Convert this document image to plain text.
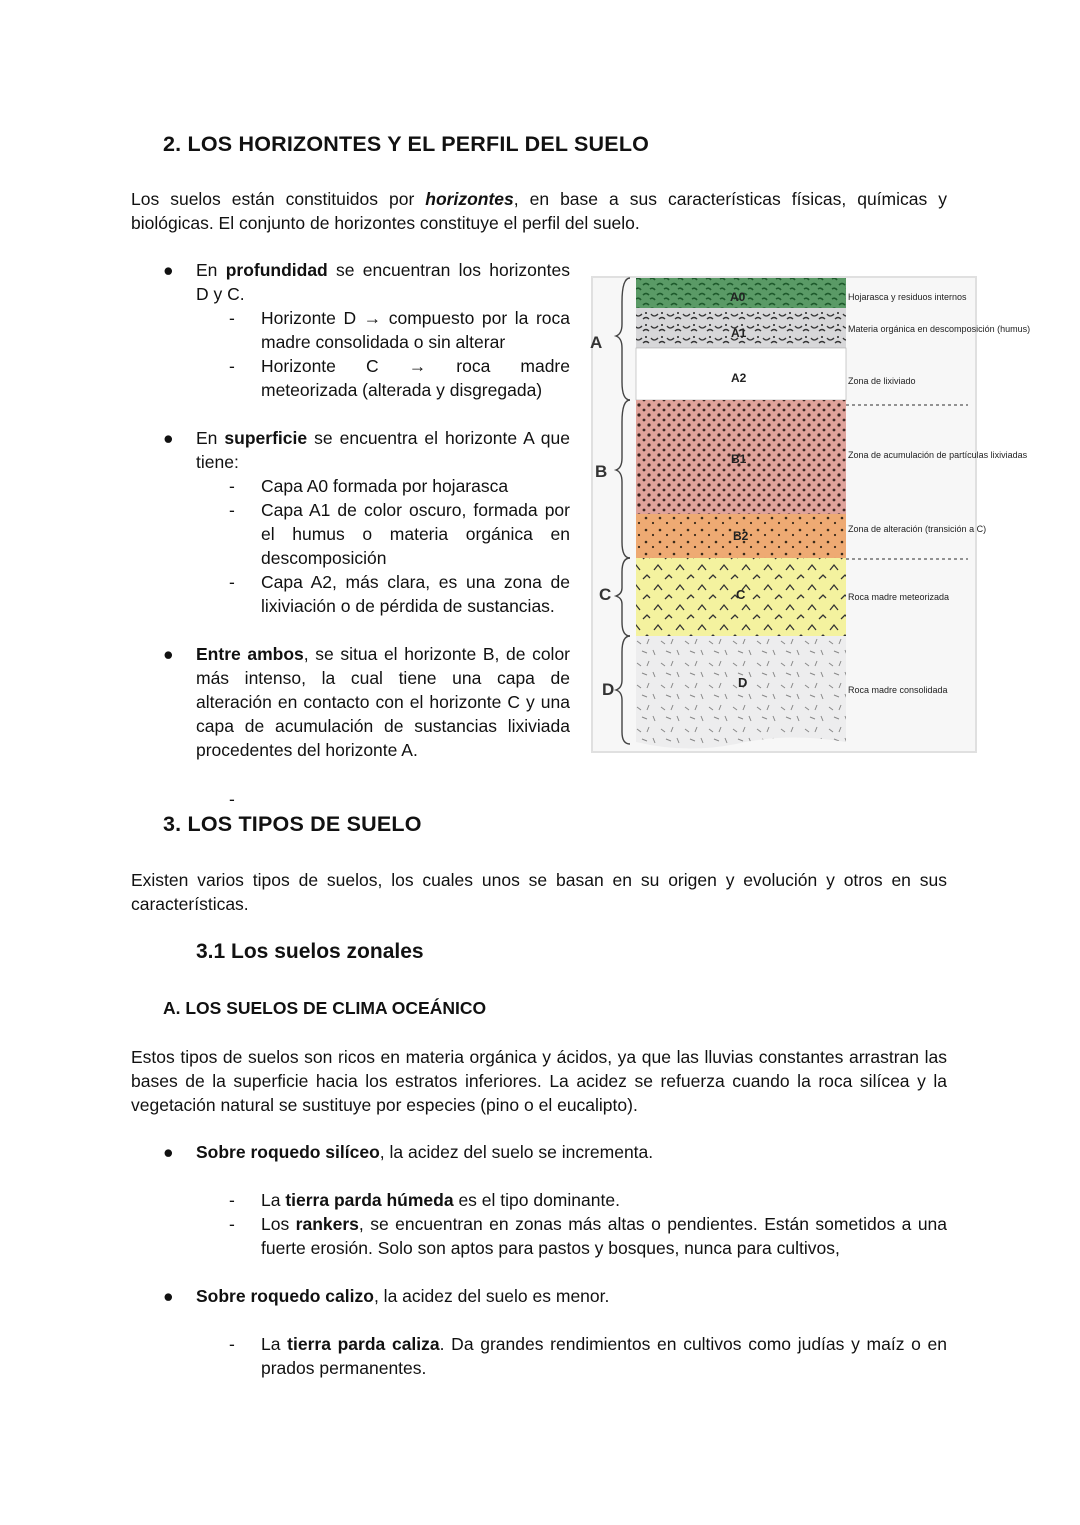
2. LOS HORIZONTES Y EL PERFIL DEL SUELO

Los suelos están constituidos por horizontes, en base a sus características físicas, químicas y biológicas. El conjunto de horizontes constituye el perfil del suelo.

●	En profundidad se encuentran los horizontes D y C.
-	Horizonte D → compuesto por la roca madre consolidada o sin alterar
-	Horizonte C → roca madre meteorizada (alterada y disgregada)
●	En superficie se encuentra el horizonte A que tiene:
-	Capa A0 formada por hojarasca
-	Capa A1 de color oscuro, formada por el humus o materia orgánica en descomposición
-	Capa A2, más clara, es una zona de lixiviación o de pérdida de sustancias.
●	Entre ambos, se situa el horizonte B, de color más intenso, la cual tiene una capa de alteración en contacto con el horizonte C y una capa de acumulación de sustancias lixiviada procedentes del horizonte A.
-
A
B
C
D
A0
A1
A2
B1
B2
C
D
Hojarasca y residuos internos
Materia orgánica en descomposición (humus)
Zona de lixiviado
Zona de acumulación de partículas lixiviadas
Zona de alteración (transición a C)
Roca madre meteorizada
Roca madre consolidada
3. LOS TIPOS DE SUELO

Existen varios tipos de suelos, los cuales unos se basan en su origen y evolución y otros en sus características.

3.1 Los suelos zonales
A. LOS SUELOS DE CLIMA OCEÁNICO

Estos tipos de suelos son ricos en materia orgánica y ácidos, ya que las lluvias constantes arrastran las bases de la superficie hacia los estratos inferiores. La acidez se refuerza cuando la roca silícea y la vegetación natural se sustituye por especies (pino o el eucalipto).

●	Sobre roquedo silíceo, la acidez del suelo se incrementa.
-	La tierra parda húmeda es el tipo dominante.
-	Los rankers, se encuentran en zonas más altas o pendientes. Están sometidos a una fuerte erosión. Solo son aptos para pastos y bosques, nunca para cultivos,
●	Sobre roquedo calizo, la acidez del suelo es menor.
-	La tierra parda caliza. Da grandes rendimientos en cultivos como judías y maíz o en prados permanentes.
